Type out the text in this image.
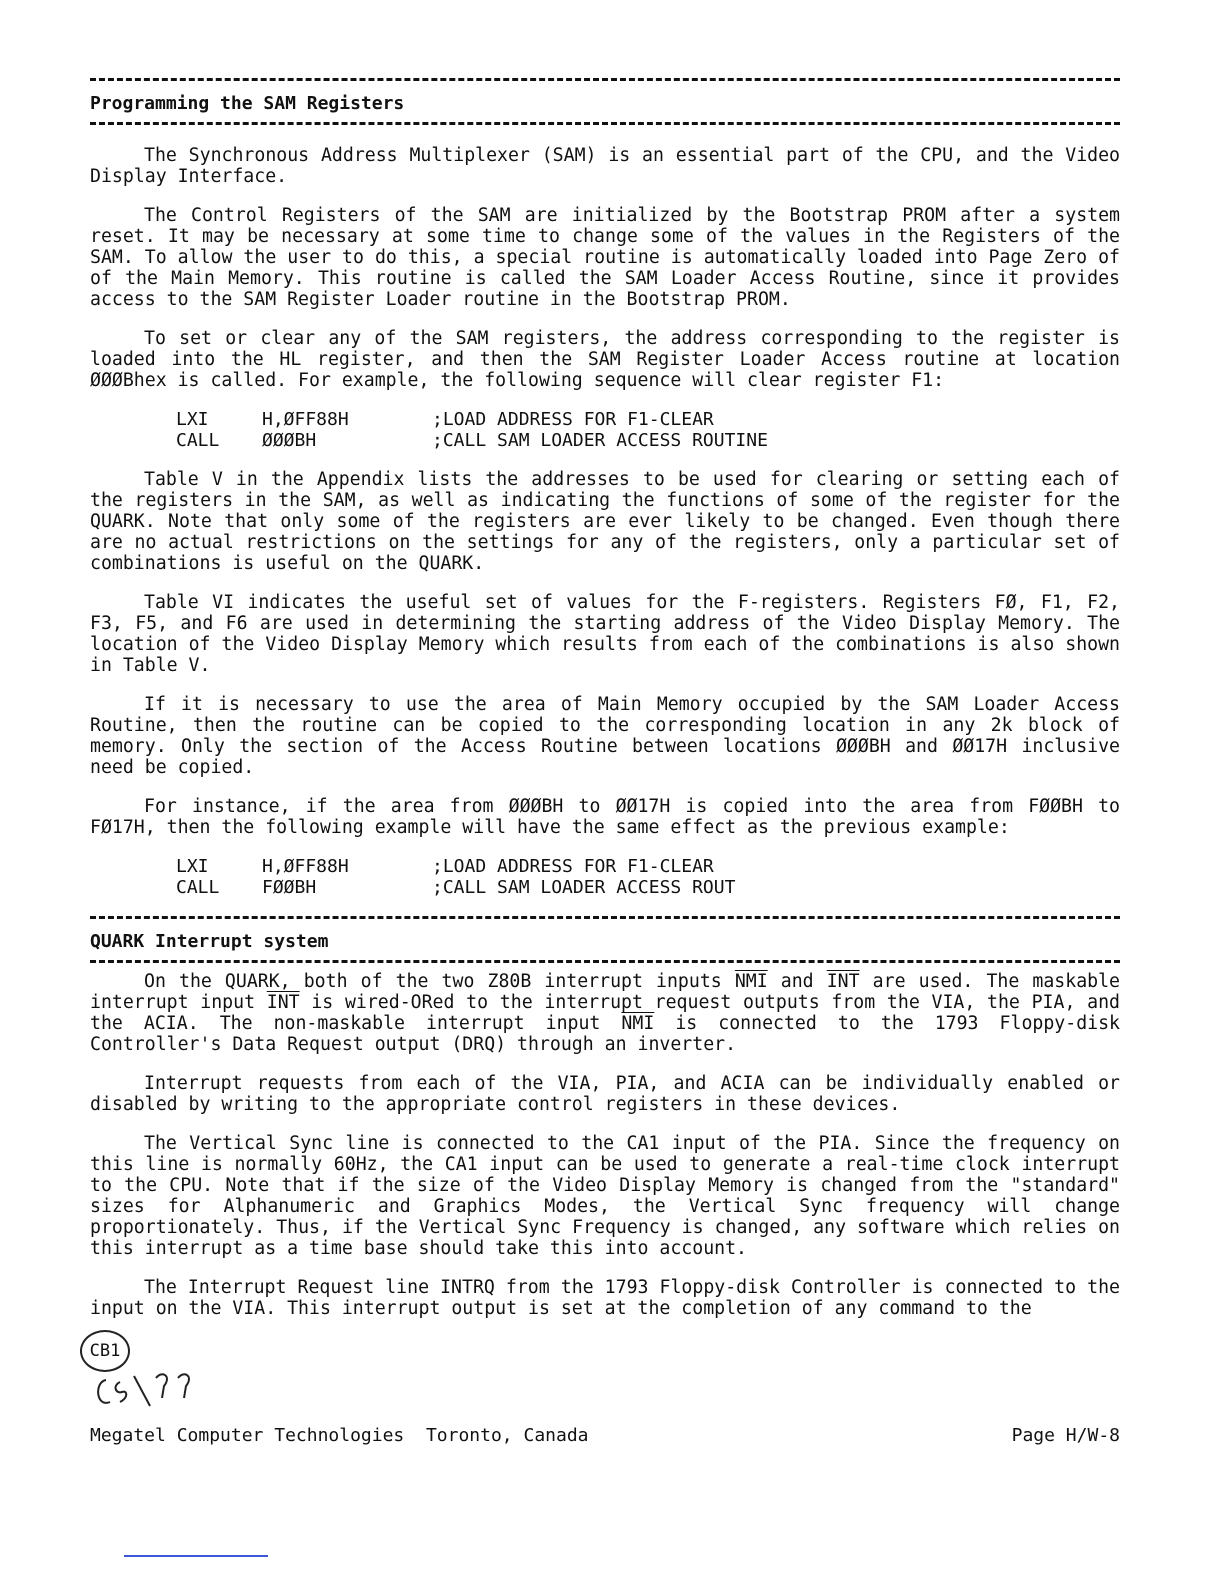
Programming the SAM Registers

The Synchronous Address Multiplexer (SAM) is an essential part of the CPU, and the Video Display Interface.

The Control Registers of the SAM are initialized by the Bootstrap PROM after a system reset. It may be necessary at some time to change some of the values in the Registers of the SAM. To allow the user to do this, a special routine is automatically loaded into Page Zero of of the Main Memory. This routine is called the SAM Loader Access Routine, since it provides access to the SAM Register Loader routine in the Bootstrap PROM.

To set or clear any of the SAM registers, the address corresponding to the register is loaded into the HL register, and then the SAM Register Loader Access routine at location ØØØBhex is called. For example, the following sequence will clear register F1:

LXI	H,ØFF88H	;LOAD ADDRESS FOR F1-CLEAR
CALL	ØØØBH	;CALL SAM LOADER ACCESS ROUTINE

Table V in the Appendix lists the addresses to be used for clearing or setting each of the registers in the SAM, as well as indicating the functions of some of the register for the QUARK. Note that only some of the registers are ever likely to be changed. Even though there are no actual restrictions on the settings for any of the registers, only a particular set of combinations is useful on the QUARK.

Table VI indicates the useful set of values for the F-registers. Registers FØ, F1, F2, F3, F5, and F6 are used in determining the starting address of the Video Display Memory. The location of the Video Display Memory which results from each of the combinations is also shown in Table V.

If it is necessary to use the area of Main Memory occupied by the SAM Loader Access Routine, then the routine can be copied to the corresponding location in any 2k block of memory. Only the section of the Access Routine between locations ØØØBH and ØØ17H inclusive need be copied.

For instance, if the area from ØØØBH to ØØ17H is copied into the area from FØØBH to FØ17H, then the following example will have the same effect as the previous example:

LXI	H,ØFF88H	;LOAD ADDRESS FOR F1-CLEAR
CALL	FØØBH	;CALL SAM LOADER ACCESS ROUT
QUARK Interrupt system

On the QUARK, both of the two Z80B interrupt inputs $\overline{NMI}$ and $\overline{INT}$ are used. The maskable interrupt input $\overline{INT}$ is wired-ORed to the interrupt request outputs from the VIA, the PIA, and the ACIA. The non-maskable interrupt input $\overline{NMI}$ is connected to the 1793 Floppy-disk Controller's Data Request output (DRQ) through an inverter.

Interrupt requests from each of the VIA, PIA, and ACIA can be individually enabled or disabled by writing to the appropriate control registers in these devices.

The Vertical Sync line is connected to the CA1 input of the PIA. Since the frequency on this line is normally 60Hz, the CA1 input can be used to generate a real-time clock interrupt to the CPU. Note that if the size of the Video Display Memory is changed from the "standard" sizes for Alphanumeric and Graphics Modes, the Vertical Sync frequency will change proportionately. Thus, if the Vertical Sync Frequency is changed, any software which relies on this interrupt as a time base should take this into account.

The Interrupt Request line INTRQ from the 1793 Floppy-disk Controller is connected to the input on the VIA. This interrupt output is set at the completion of any command to the

CB1
Megatel Computer Technologies  Toronto, Canada	Page H/W-8
